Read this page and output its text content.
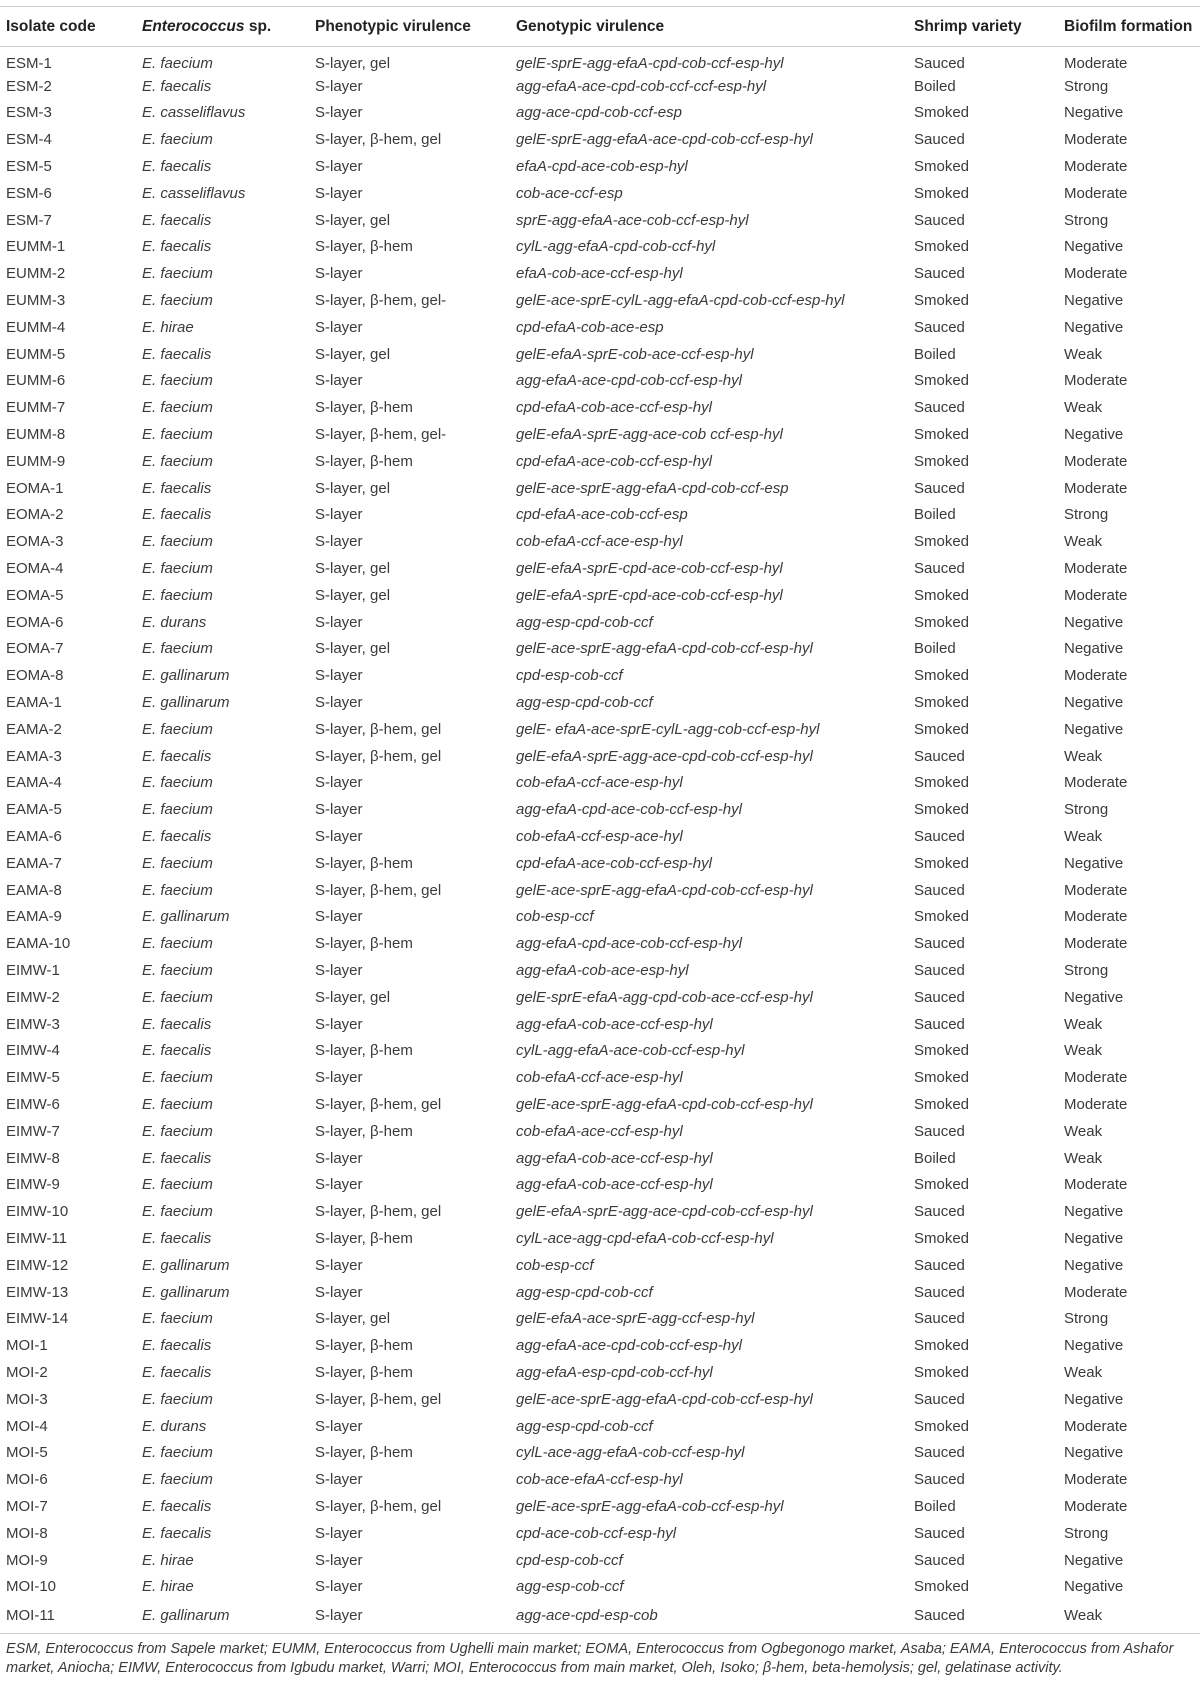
Isolate code	Enterococcus sp.	Phenotypic virulence	Genotypic virulence	Shrimp variety	Biofilm formation
ESM-1	E. faecium	S-layer, gel	gelE-sprE-agg-efaA-cpd-cob-ccf-esp-hyl	Sauced	Moderate
ESM-2	E. faecalis	S-layer	agg-efaA-ace-cpd-cob-ccf-ccf-esp-hyl	Boiled	Strong
ESM-3	E. casseliflavus	S-layer	agg-ace-cpd-cob-ccf-esp	Smoked	Negative
ESM-4	E. faecium	S-layer, β-hem, gel	gelE-sprE-agg-efaA-ace-cpd-cob-ccf-esp-hyl	Sauced	Moderate
ESM-5	E. faecalis	S-layer	efaA-cpd-ace-cob-esp-hyl	Smoked	Moderate
ESM-6	E. casseliflavus	S-layer	cob-ace-ccf-esp	Smoked	Moderate
ESM-7	E. faecalis	S-layer, gel	sprE-agg-efaA-ace-cob-ccf-esp-hyl	Sauced	Strong
EUMM-1	E. faecalis	S-layer, β-hem	cylL-agg-efaA-cpd-cob-ccf-hyl	Smoked	Negative
EUMM-2	E. faecium	S-layer	efaA-cob-ace-ccf-esp-hyl	Sauced	Moderate
EUMM-3	E. faecium	S-layer, β-hem, gel-	gelE-ace-sprE-cylL-agg-efaA-cpd-cob-ccf-esp-hyl	Smoked	Negative
EUMM-4	E. hirae	S-layer	cpd-efaA-cob-ace-esp	Sauced	Negative
EUMM-5	E. faecalis	S-layer, gel	gelE-efaA-sprE-cob-ace-ccf-esp-hyl	Boiled	Weak
EUMM-6	E. faecium	S-layer	agg-efaA-ace-cpd-cob-ccf-esp-hyl	Smoked	Moderate
EUMM-7	E. faecium	S-layer, β-hem	cpd-efaA-cob-ace-ccf-esp-hyl	Sauced	Weak
EUMM-8	E. faecium	S-layer, β-hem, gel-	gelE-efaA-sprE-agg-ace-cob ccf-esp-hyl	Smoked	Negative
EUMM-9	E. faecium	S-layer, β-hem	cpd-efaA-ace-cob-ccf-esp-hyl	Smoked	Moderate
EOMA-1	E. faecalis	S-layer, gel	gelE-ace-sprE-agg-efaA-cpd-cob-ccf-esp	Sauced	Moderate
EOMA-2	E. faecalis	S-layer	cpd-efaA-ace-cob-ccf-esp	Boiled	Strong
EOMA-3	E. faecium	S-layer	cob-efaA-ccf-ace-esp-hyl	Smoked	Weak
EOMA-4	E. faecium	S-layer, gel	gelE-efaA-sprE-cpd-ace-cob-ccf-esp-hyl	Sauced	Moderate
EOMA-5	E. faecium	S-layer, gel	gelE-efaA-sprE-cpd-ace-cob-ccf-esp-hyl	Smoked	Moderate
EOMA-6	E. durans	S-layer	agg-esp-cpd-cob-ccf	Smoked	Negative
EOMA-7	E. faecium	S-layer, gel	gelE-ace-sprE-agg-efaA-cpd-cob-ccf-esp-hyl	Boiled	Negative
EOMA-8	E. gallinarum	S-layer	cpd-esp-cob-ccf	Smoked	Moderate
EAMA-1	E. gallinarum	S-layer	agg-esp-cpd-cob-ccf	Smoked	Negative
EAMA-2	E. faecium	S-layer, β-hem, gel	gelE- efaA-ace-sprE-cylL-agg-cob-ccf-esp-hyl	Smoked	Negative
EAMA-3	E. faecalis	S-layer, β-hem, gel	gelE-efaA-sprE-agg-ace-cpd-cob-ccf-esp-hyl	Sauced	Weak
EAMA-4	E. faecium	S-layer	cob-efaA-ccf-ace-esp-hyl	Smoked	Moderate
EAMA-5	E. faecium	S-layer	agg-efaA-cpd-ace-cob-ccf-esp-hyl	Smoked	Strong
EAMA-6	E. faecalis	S-layer	cob-efaA-ccf-esp-ace-hyl	Sauced	Weak
EAMA-7	E. faecium	S-layer, β-hem	cpd-efaA-ace-cob-ccf-esp-hyl	Smoked	Negative
EAMA-8	E. faecium	S-layer, β-hem, gel	gelE-ace-sprE-agg-efaA-cpd-cob-ccf-esp-hyl	Sauced	Moderate
EAMA-9	E. gallinarum	S-layer	cob-esp-ccf	Smoked	Moderate
EAMA-10	E. faecium	S-layer, β-hem	agg-efaA-cpd-ace-cob-ccf-esp-hyl	Sauced	Moderate
EIMW-1	E. faecium	S-layer	agg-efaA-cob-ace-esp-hyl	Sauced	Strong
EIMW-2	E. faecium	S-layer, gel	gelE-sprE-efaA-agg-cpd-cob-ace-ccf-esp-hyl	Sauced	Negative
EIMW-3	E. faecalis	S-layer	agg-efaA-cob-ace-ccf-esp-hyl	Sauced	Weak
EIMW-4	E. faecalis	S-layer, β-hem	cylL-agg-efaA-ace-cob-ccf-esp-hyl	Smoked	Weak
EIMW-5	E. faecium	S-layer	cob-efaA-ccf-ace-esp-hyl	Smoked	Moderate
EIMW-6	E. faecium	S-layer, β-hem, gel	gelE-ace-sprE-agg-efaA-cpd-cob-ccf-esp-hyl	Smoked	Moderate
EIMW-7	E. faecium	S-layer, β-hem	cob-efaA-ace-ccf-esp-hyl	Sauced	Weak
EIMW-8	E. faecalis	S-layer	agg-efaA-cob-ace-ccf-esp-hyl	Boiled	Weak
EIMW-9	E. faecium	S-layer	agg-efaA-cob-ace-ccf-esp-hyl	Smoked	Moderate
EIMW-10	E. faecium	S-layer, β-hem, gel	gelE-efaA-sprE-agg-ace-cpd-cob-ccf-esp-hyl	Sauced	Negative
EIMW-11	E. faecalis	S-layer, β-hem	cylL-ace-agg-cpd-efaA-cob-ccf-esp-hyl	Smoked	Negative
EIMW-12	E. gallinarum	S-layer	cob-esp-ccf	Sauced	Negative
EIMW-13	E. gallinarum	S-layer	agg-esp-cpd-cob-ccf	Sauced	Moderate
EIMW-14	E. faecium	S-layer, gel	gelE-efaA-ace-sprE-agg-ccf-esp-hyl	Sauced	Strong
MOI-1	E. faecalis	S-layer, β-hem	agg-efaA-ace-cpd-cob-ccf-esp-hyl	Smoked	Negative
MOI-2	E. faecalis	S-layer, β-hem	agg-efaA-esp-cpd-cob-ccf-hyl	Smoked	Weak
MOI-3	E. faecium	S-layer, β-hem, gel	gelE-ace-sprE-agg-efaA-cpd-cob-ccf-esp-hyl	Sauced	Negative
MOI-4	E. durans	S-layer	agg-esp-cpd-cob-ccf	Smoked	Moderate
MOI-5	E. faecium	S-layer, β-hem	cylL-ace-agg-efaA-cob-ccf-esp-hyl	Sauced	Negative
MOI-6	E. faecium	S-layer	cob-ace-efaA-ccf-esp-hyl	Sauced	Moderate
MOI-7	E. faecalis	S-layer, β-hem, gel	gelE-ace-sprE-agg-efaA-cob-ccf-esp-hyl	Boiled	Moderate
MOI-8	E. faecalis	S-layer	cpd-ace-cob-ccf-esp-hyl	Sauced	Strong
MOI-9	E. hirae	S-layer	cpd-esp-cob-ccf	Sauced	Negative
MOI-10	E. hirae	S-layer	agg-esp-cob-ccf	Smoked	Negative
MOI-11	E. gallinarum	S-layer	agg-ace-cpd-esp-cob	Sauced	Weak
ESM, Enterococcus from Sapele market; EUMM, Enterococcus from Ughelli main market; EOMA, Enterococcus from Ogbegonogo market, Asaba; EAMA, Enterococcus from Ashafor market, Aniocha; EIMW, Enterococcus from Igbudu market, Warri; MOI, Enterococcus from main market, Oleh, Isoko; β-hem, beta-hemolysis; gel, gelatinase activity.
